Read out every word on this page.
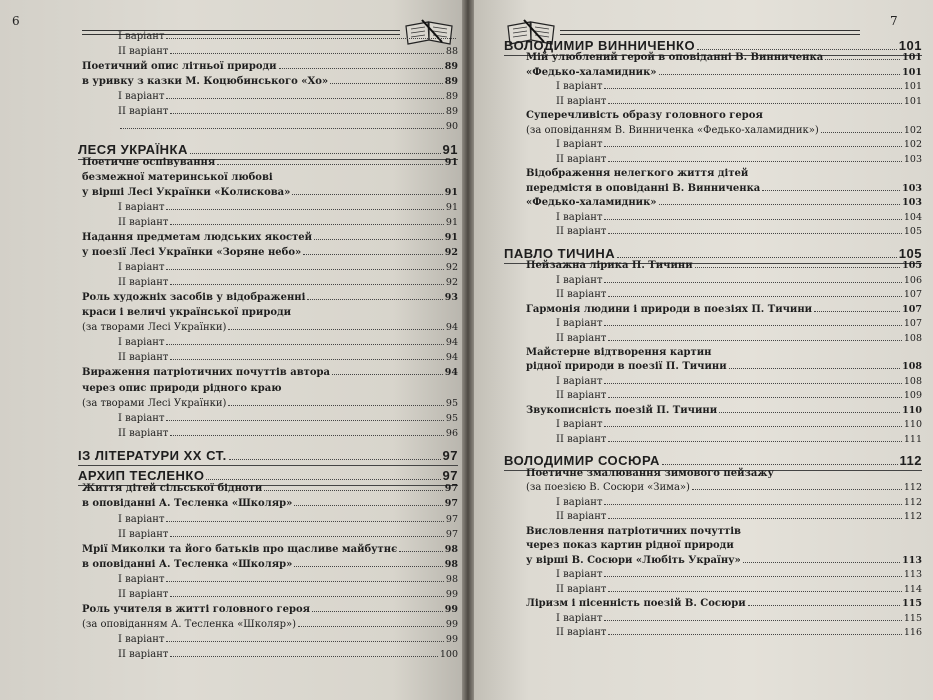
6
I варіант
II варіант	88
Поетичний опис літньої природи	89
в уривку з казки М. Коцюбинського «Хо»	89
I варіант	89
II варіант	89
90
ЛЕСЯ УКРАЇНКА	91
Поетичне оспівування	91
безмежної материнської любові
у вірші Лесі Українки «Колискова»	91
I варіант	91
II варіант	91
Надання предметам людських якостей	91
у поезії Лесі Українки «Зоряне небо»	92
I варіант	92
II варіант	92
Роль художніх засобів у відображенні	93
краси і величі української природи
(за творами Лесі Українки)	94
I варіант	94
II варіант	94
Вираження патріотичних почуттів автора	94
через опис природи рідного краю
(за творами Лесі Українки)	95
I варіант	95
II варіант	96
ІЗ ЛІТЕРАТУРИ XX СТ.	97
АРХИП ТЕСЛЕНКО	97
Життя дітей сільської бідноти	97
в оповіданні А. Тесленка «Школяр»	97
I варіант	97
II варіант	97
Мрії Миколки та його батьків про щасливе майбутнє	98
в оповіданні А. Тесленка «Школяр»	98
I варіант	98
II варіант	99
Роль учителя в житті головного героя	99
(за оповіданням А. Тесленка «Школяр»)	99
I варіант	99
II варіант	100
7
ВОЛОДИМИР ВИННИЧЕНКО	101
Мій улюблений герой в оповіданні В. Винниченка	101
«Федько-халамидник»	101
I варіант	101
II варіант	101
Суперечливість образу головного героя
(за оповіданням В. Винниченка «Федько-халамидник»)	102
I варіант	102
II варіант	103
Відображення нелегкого життя дітей
передмістя в оповіданні В. Винниченка	103
«Федько-халамидник»	103
I варіант	104
II варіант	105
ПАВЛО ТИЧИНА	105
Пейзажна лірика П. Тичини	105
I варіант	106
II варіант	107
Гармонія людини і природи в поезіях П. Тичини	107
I варіант	107
II варіант	108
Майстерне відтворення картин
рідної природи в поезії П. Тичини	108
I варіант	108
II варіант	109
Звукописність поезій П. Тичини	110
I варіант	110
II варіант	111
ВОЛОДИМИР СОСЮРА	112
Поетичне змалювання зимового пейзажу
(за поезією В. Сосюри «Зима»)	112
I варіант	112
II варіант	112
Висловлення патріотичних почуттів
через показ картин рідної природи
у вірші В. Сосюри «Любіть Україну»	113
I варіант	113
II варіант	114
Ліризм і пісенність поезій В. Сосюри	115
I варіант	115
II варіант	116
